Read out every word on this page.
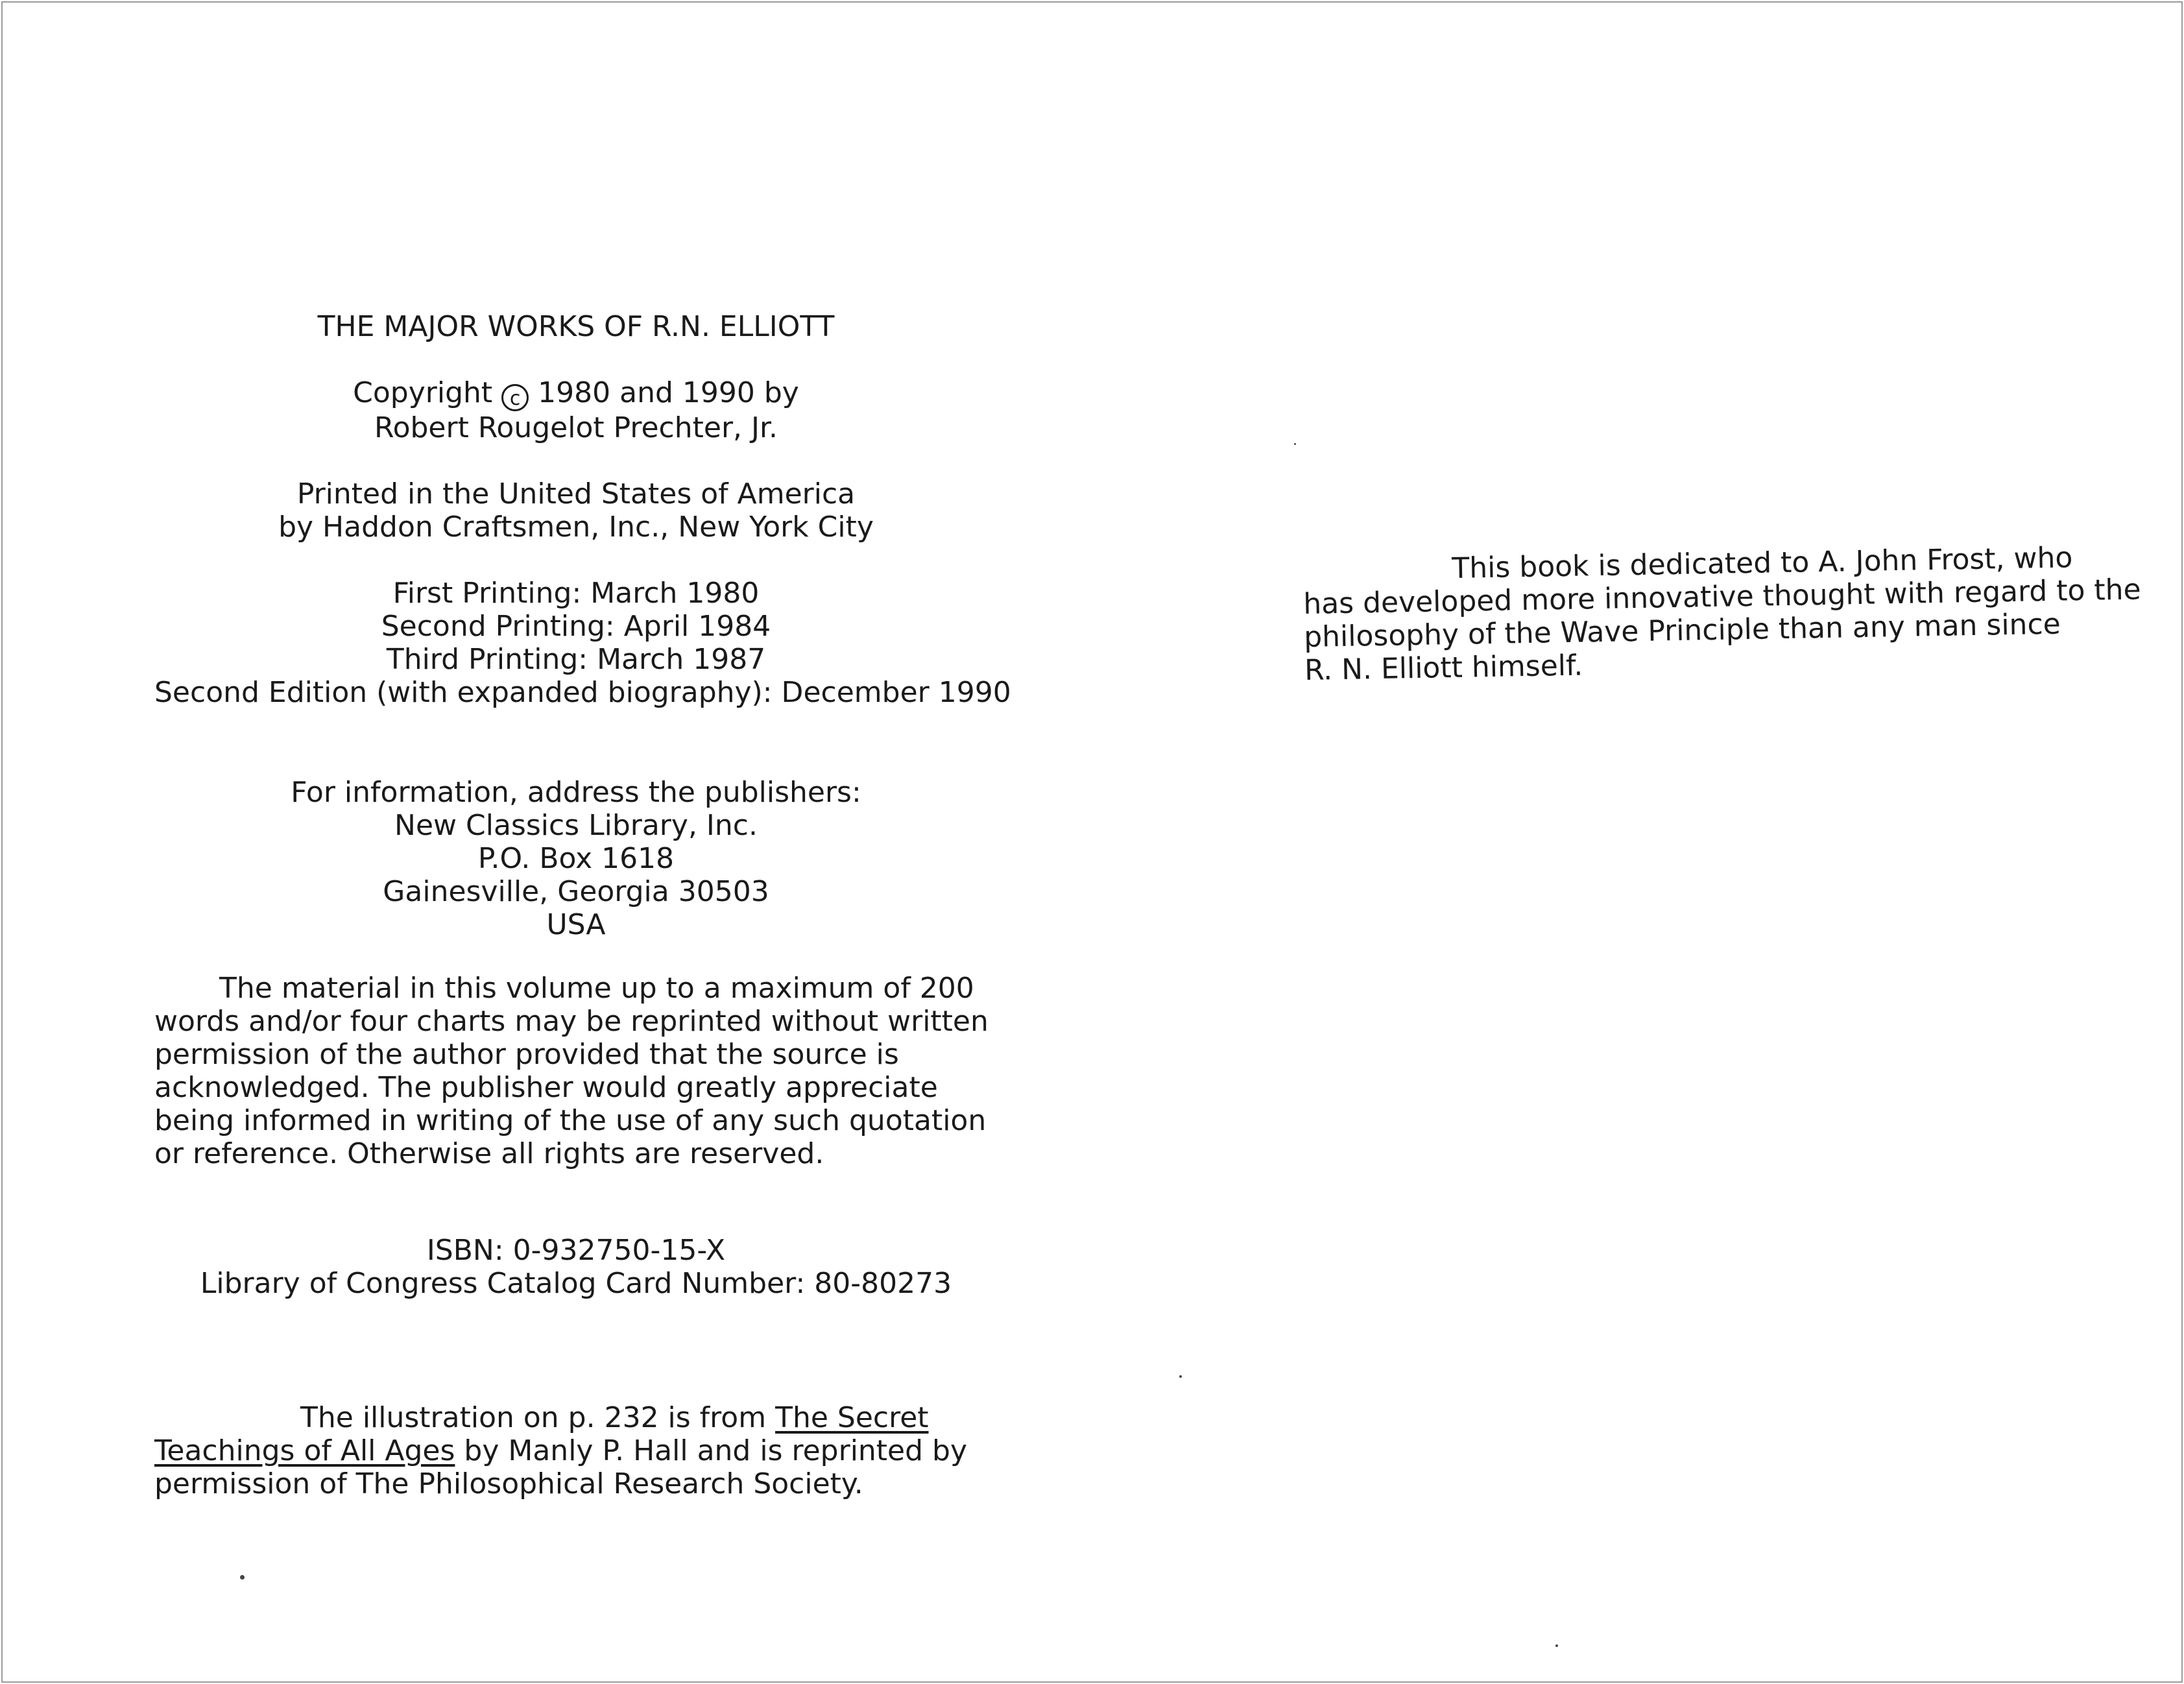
THE MAJOR WORKS OF R.N. ELLIOTT
Copyright c 1980 and 1990 by
Robert Rougelot Prechter, Jr.
Printed in the United States of America
by Haddon Craftsmen, Inc., New York City
First Printing: March 1980
Second Printing: April 1984
Third Printing: March 1987
Second Edition (with expanded biography): December 1990
For information, address the publishers:
New Classics Library, Inc.
P.O. Box 1618
Gainesville, Georgia 30503
USA
The material in this volume up to a maximum of 200
words and/or four charts may be reprinted without written
permission of the author provided that the source is
acknowledged. The publisher would greatly appreciate
being informed in writing of the use of any such quotation
or reference. Otherwise all rights are reserved.
ISBN: 0-932750-15-X
Library of Congress Catalog Card Number: 80-80273
The illustration on p. 232 is from The Secret
Teachings of All Ages by Manly P. Hall and is reprinted by
permission of The Philosophical Research Society.
This book is dedicated to A. John Frost, who
has developed more innovative thought with regard to the
philosophy of the Wave Principle than any man since
R. N. Elliott himself.
